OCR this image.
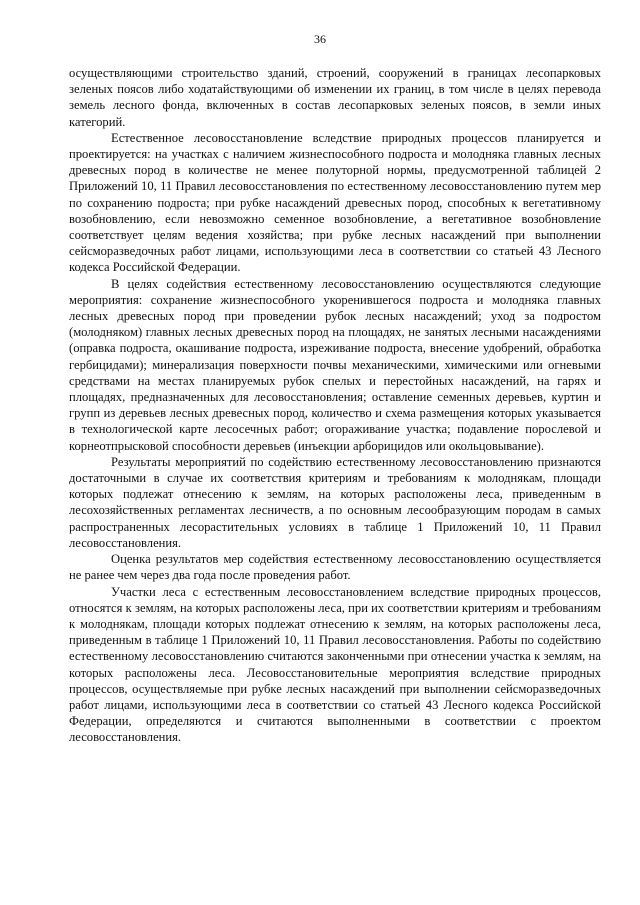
36

осуществляющими строительство зданий, строений, сооружений в границах лесопарковых зеленых поясов либо ходатайствующими об изменении их границ, в том числе в целях перевода земель лесного фонда, включенных в состав лесопарковых зеленых поясов, в земли иных категорий.

Естественное лесовосстановление вследствие природных процессов планируется и проектируется: на участках с наличием жизнеспособного подроста и молодняка главных лесных древесных пород в количестве не менее полуторной нормы, предусмотренной таблицей 2 Приложений 10, 11 Правил лесовосстановления по естественному лесовосстановлению путем мер по сохранению подроста; при рубке насаждений древесных пород, способных к вегетативному возобновлению, если невозможно семенное возобновление, а вегетативное возобновление соответствует целям ведения хозяйства; при рубке лесных насаждений при выполнении сейсморазведочных работ лицами, использующими леса в соответствии со статьей 43 Лесного кодекса Российской Федерации.

В целях содействия естественному лесовосстановлению осуществляются следующие мероприятия: сохранение жизнеспособного укоренившегося подроста и молодняка главных лесных древесных пород при проведении рубок лесных насаждений; уход за подростом (молодняком) главных лесных древесных пород на площадях, не занятых лесными насаждениями (оправка подроста, окашивание подроста, изреживание подроста, внесение удобрений, обработка гербицидами); минерализация поверхности почвы механическими, химическими или огневыми средствами на местах планируемых рубок спелых и перестойных насаждений, на гарях и площадях, предназначенных для лесовосстановления; оставление семенных деревьев, куртин и групп из деревьев лесных древесных пород, количество и схема размещения которых указывается в технологической карте лесосечных работ; огораживание участка; подавление порослевой и корнеотпрысковой способности деревьев (инъекции арборицидов или окольцовывание).

Результаты мероприятий по содействию естественному лесовосстановлению признаются достаточными в случае их соответствия критериям и требованиям к молоднякам, площади которых подлежат отнесению к землям, на которых расположены леса, приведенным в лесохозяйственных регламентах лесничеств, а по основным лесообразующим породам в самых распространенных лесорастительных условиях в таблице 1 Приложений 10, 11 Правил лесовосстановления.

Оценка результатов мер содействия естественному лесовосстановлению осуществляется не ранее чем через два года после проведения работ.

Участки леса с естественным лесовосстановлением вследствие природных процессов, относятся к землям, на которых расположены леса, при их соответствии критериям и требованиям к молоднякам, площади которых подлежат отнесению к землям, на которых расположены леса, приведенным в таблице 1 Приложений 10, 11 Правил лесовосстановления. Работы по содействию естественному лесовосстановлению считаются законченными при отнесении участка к землям, на которых расположены леса. Лесовосстановительные мероприятия вследствие природных процессов, осуществляемые при рубке лесных насаждений при выполнении сейсморазведочных работ лицами, использующими леса в соответствии со статьей 43 Лесного кодекса Российской Федерации, определяются и считаются выполненными в соответствии с проектом лесовосстановления.
